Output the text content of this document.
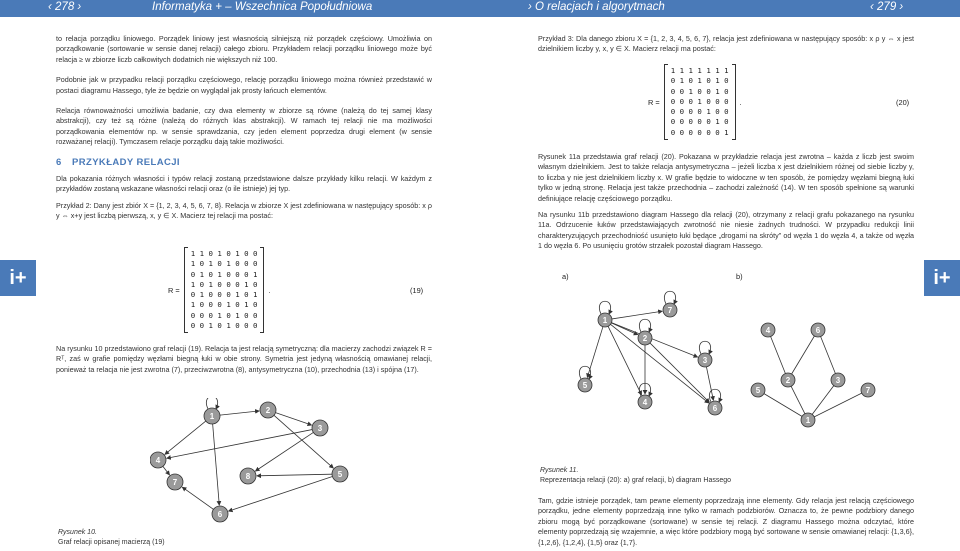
‹ 278 ›	Informatyka + – Wszechnica Popołudniowa	› O relacjach i algorytmach	‹ 279 ›
i+	i+

to relacja porządku liniowego. Porządek liniowy jest własnością silniejszą niż porządek częściowy. Umożliwia on porządkowanie (sortowanie w sensie danej relacji) całego zbioru. Przykładem relacji porządku liniowego może być relacja ≥ w zbiorze liczb całkowitych dodatnich nie większych niż 100.

Podobnie jak w przypadku relacji porządku częściowego, relację porządku liniowego można również przedstawić w postaci diagramu Hassego, tyle że będzie on wyglądał jak prosty łańcuch elementów.

Relacja równoważności umożliwia badanie, czy dwa elementy w zbiorze są równe (należą do tej samej klasy abstrakcji), czy też są różne (należą do różnych klas abstrakcji). W ramach tej relacji nie ma możliwości porządkowania elementów np. w sensie sprawdzania, czy jeden element poprzedza drugi element (w sensie rozważanej relacji). Tymczasem relacje porządku dają takie możliwości.

6 PRZYKŁADY RELACJI

Dla pokazania różnych własności i typów relacji zostaną przedstawione dalsze przykłady kilku relacji. W każdym z przykładów zostaną wskazane własności relacji oraz (o ile istnieje) jej typ.

Przykład 2: Dany jest zbiór X = {1, 2, 3, 4, 5, 6, 7, 8}. Relacja w zbiorze X jest zdefiniowana w następujący sposób: x ρ y ⇔ x+y jest liczbą pierwszą, x, y ∈ X. Macierz tej relacji ma postać:

R =
1 1 0 1 0 1 0 0
1 0 1 0 1 0 0 0
0 1 0 1 0 0 0 1
1 0 1 0 0 0 1 0
0 1 0 0 0 1 0 1
1 0 0 0 1 0 1 0
0 0 0 1 0 1 0 0
0 0 1 0 1 0 0 0
.	(19)

Na rysunku 10 przedstawiono graf relacji (19). Relacja ta jest relacją symetryczną: dla macierzy zachodzi związek R = Rᵀ, zaś w grafie pomiędzy węzłami biegną łuki w obie strony. Symetria jest jedyną własnością omawianej relacji, ponieważ ta relacja nie jest zwrotna (7), przeciwzwrotna (8), antysymetryczna (10), przechodnia (13) i spójna (17).

1
2
3
4
5
6
7
8
Rysunek 10.
Graf relacji opisanej macierzą (19)

Przykład 3: Dla danego zbioru X = {1, 2, 3, 4, 5, 6, 7}, relacja jest zdefiniowana w następujący sposób: x ρ y ⇔ x jest dzielnikiem liczby y, x, y ∈ X. Macierz relacji ma postać:

R =
1 1 1 1 1 1 1
0 1 0 1 0 1 0
0 0 1 0 0 1 0
0 0 0 1 0 0 0
0 0 0 0 1 0 0
0 0 0 0 0 1 0
0 0 0 0 0 0 1
.	(20)

Rysunek 11a przedstawia graf relacji (20). Pokazana w przykładzie relacja jest zwrotna – każda z liczb jest swoim własnym dzielnikiem. Jest to także relacja antysymetryczna – jeżeli liczba x jest dzielnikiem różnej od siebie liczby y, to liczba y nie jest dzielnikiem liczby x. W grafie będzie to widoczne w ten sposób, że pomiędzy węzłami biegną łuki tylko w jedną stronę. Relacja jest także przechodnia – zachodzi zależność (14). W ten sposób spełnione są warunki definiujące relację częściowego porządku.

Na rysunku 11b przedstawiono diagram Hassego dla relacji (20), otrzymany z relacji grafu pokazanego na rysunku 11a. Odrzucenie łuków przedstawiających zwrotność nie niesie żadnych trudności. W przypadku redukcji linii charakteryzujących przechodniość usunięto łuki będące „drogami na skróty” od węzła 1 do węzła 4, a także od węzła 1 do węzła 6. Po usunięciu grotów strzałek pozostał diagram Hassego.

a)	b)
1
2
3
4
5
6
7
1
2	3
4
5
6
7
Rysunek 11.
Reprezentacja relacji (20): a) graf relacji, b) diagram Hassego

Tam, gdzie istnieje porządek, tam pewne elementy poprzedzają inne elementy. Gdy relacja jest relacją częściowego porządku, jedne elementy poprzedzają inne tylko w ramach podzbiorów. Oznacza to, że pewne podzbiory danego zbioru mogą być porządkowane (sortowane) w sensie tej relacji. Z diagramu Hassego można odczytać, które elementy poprzedzają się wzajemnie, a więc które podzbiory mogą być sortowane w sensie omawianej relacji: {1,3,6}, {1,2,6}, {1,2,4}, {1,5} oraz {1,7}.
